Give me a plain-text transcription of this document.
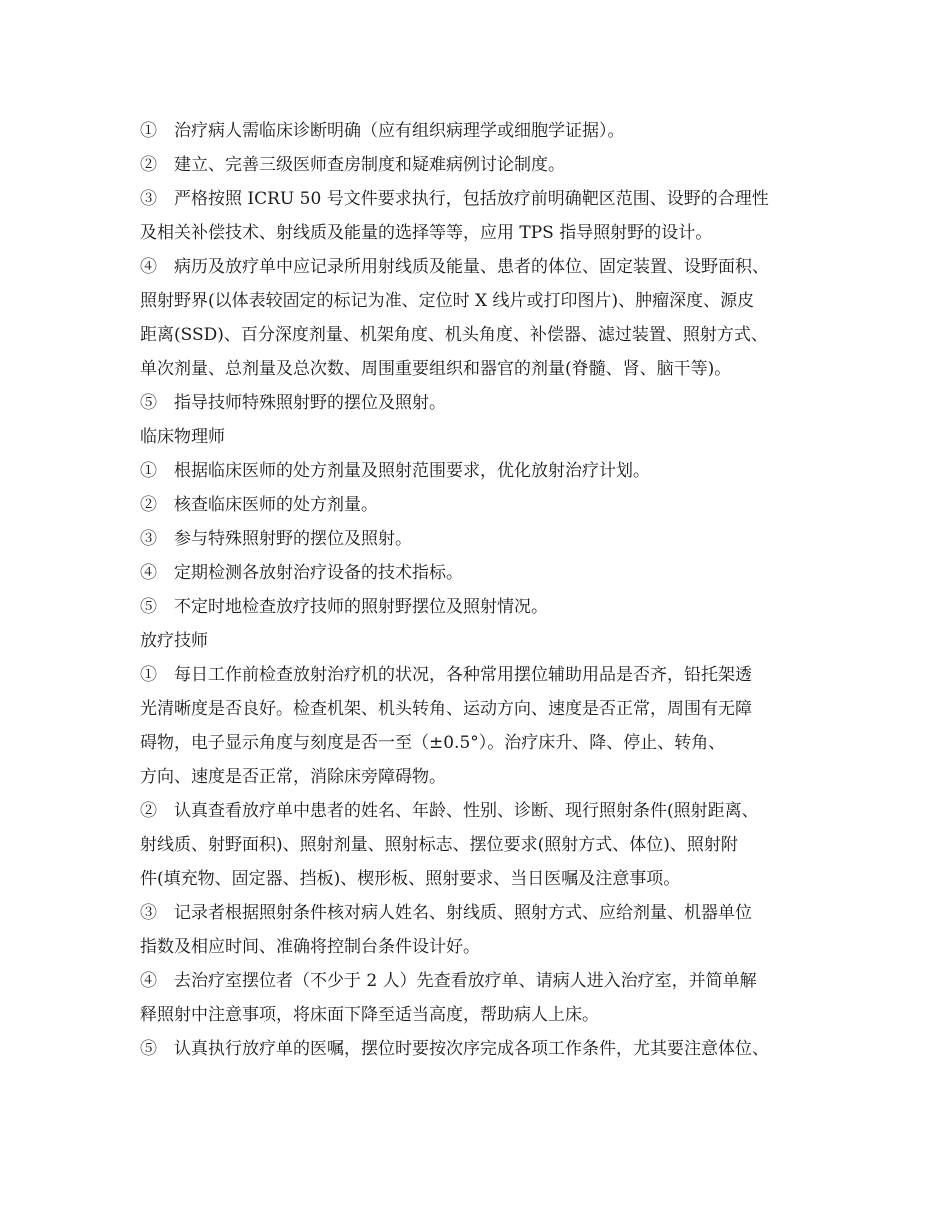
①　治疗病人需临床诊断明确（应有组织病理学或细胞学证据）。
②　建立、完善三级医师查房制度和疑难病例讨论制度。
③　严格按照 ICRU 50 号文件要求执行，包括放疗前明确靶区范围、设野的合理性
及相关补偿技术、射线质及能量的选择等等，应用 TPS 指导照射野的设计。
④　病历及放疗单中应记录所用射线质及能量、患者的体位、固定装置、设野面积、
照射野界(以体表较固定的标记为准、定位时 X 线片或打印图片)、肿瘤深度、源皮
距离(SSD)、百分深度剂量、机架角度、机头角度、补偿器、滤过装置、照射方式、
单次剂量、总剂量及总次数、周围重要组织和器官的剂量(脊髓、肾、脑干等)。
⑤　指导技师特殊照射野的摆位及照射。
临床物理师
①　根据临床医师的处方剂量及照射范围要求，优化放射治疗计划。
②　核查临床医师的处方剂量。
③　参与特殊照射野的摆位及照射。
④　定期检测各放射治疗设备的技术指标。
⑤　不定时地检查放疗技师的照射野摆位及照射情况。
放疗技师
①　每日工作前检查放射治疗机的状况，各种常用摆位辅助用品是否齐，铅托架透
光清晰度是否良好。检查机架、机头转角、运动方向、速度是否正常，周围有无障
碍物，电子显示角度与刻度是否一至（±0.5°）。治疗床升、降、停止、转角、
方向、速度是否正常，消除床旁障碍物。
②　认真查看放疗单中患者的姓名、年龄、性别、诊断、现行照射条件(照射距离、
射线质、射野面积)、照射剂量、照射标志、摆位要求(照射方式、体位)、照射附
件(填充物、固定器、挡板)、楔形板、照射要求、当日医嘱及注意事项。
③　记录者根据照射条件核对病人姓名、射线质、照射方式、应给剂量、机器单位
指数及相应时间、准确将控制台条件设计好。
④　去治疗室摆位者（不少于 2 人）先查看放疗单、请病人进入治疗室，并简单解
释照射中注意事项，将床面下降至适当高度，帮助病人上床。
⑤　认真执行放疗单的医嘱，摆位时要按次序完成各项工作条件，尤其要注意体位、
